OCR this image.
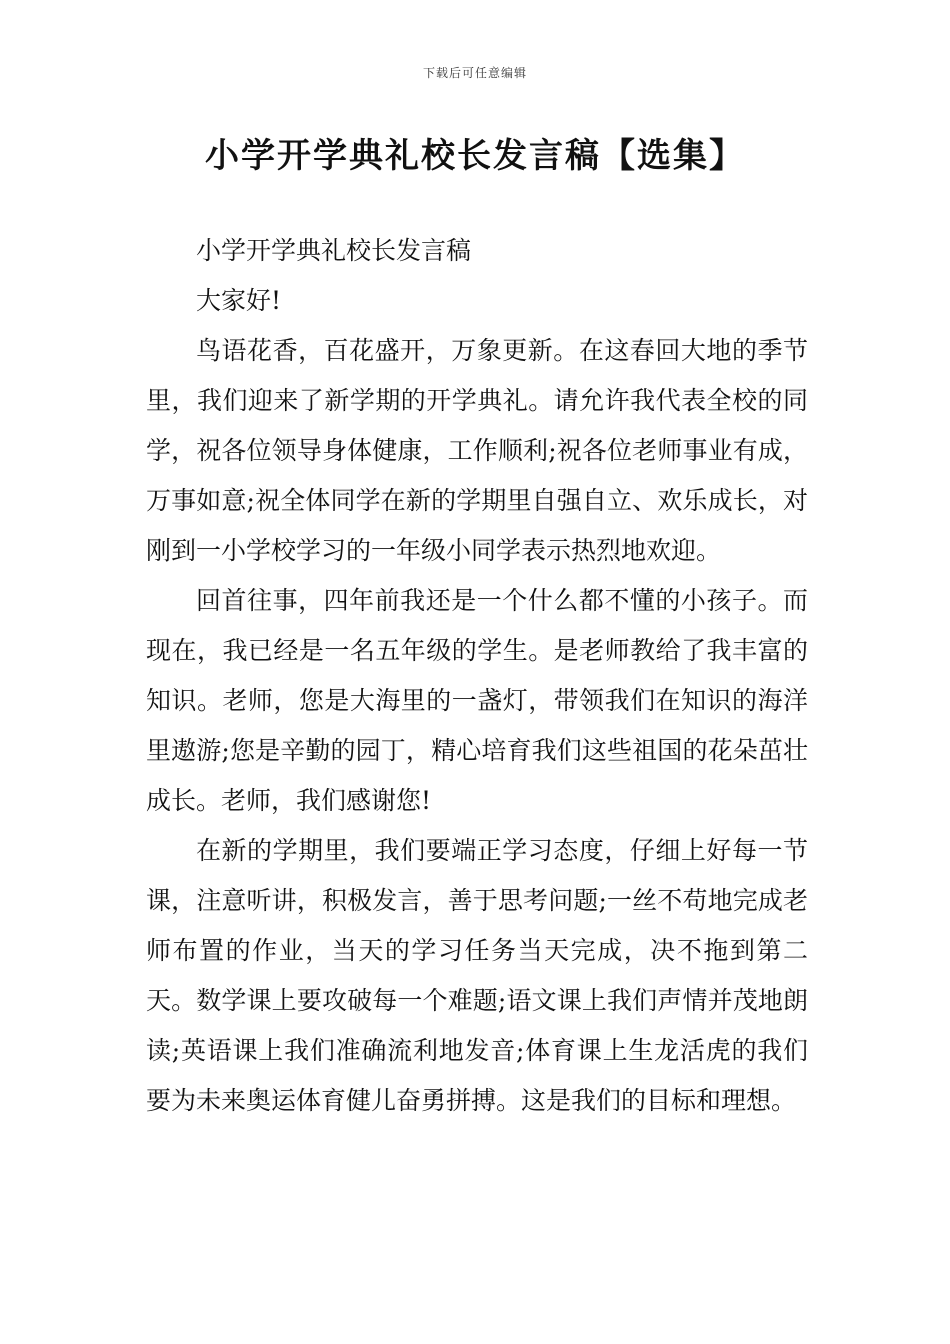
下载后可任意编辑
小学开学典礼校长发言稿【选集】

小学开学典礼校长发言稿

大家好!

鸟语花香，百花盛开，万象更新。在这春回大地的季节里，我们迎来了新学期的开学典礼。请允许我代表全校的同学，祝各位领导身体健康，工作顺利;祝各位老师事业有成，万事如意;祝全体同学在新的学期里自强自立、欢乐成长，对刚到一小学校学习的一年级小同学表示热烈地欢迎。

回首往事，四年前我还是一个什么都不懂的小孩子。而现在，我已经是一名五年级的学生。是老师教给了我丰富的知识。老师，您是大海里的一盏灯，带领我们在知识的海洋里遨游;您是辛勤的园丁，精心培育我们这些祖国的花朵茁壮成长。老师，我们感谢您!

在新的学期里，我们要端正学习态度，仔细上好每一节课，注意听讲，积极发言，善于思考问题;一丝不苟地完成老师布置的作业，当天的学习任务当天完成，决不拖到第二天。数学课上要攻破每一个难题;语文课上我们声情并茂地朗读;英语课上我们准确流利地发音;体育课上生龙活虎的我们要为未来奥运体育健儿奋勇拼搏。这是我们的目标和理想。
